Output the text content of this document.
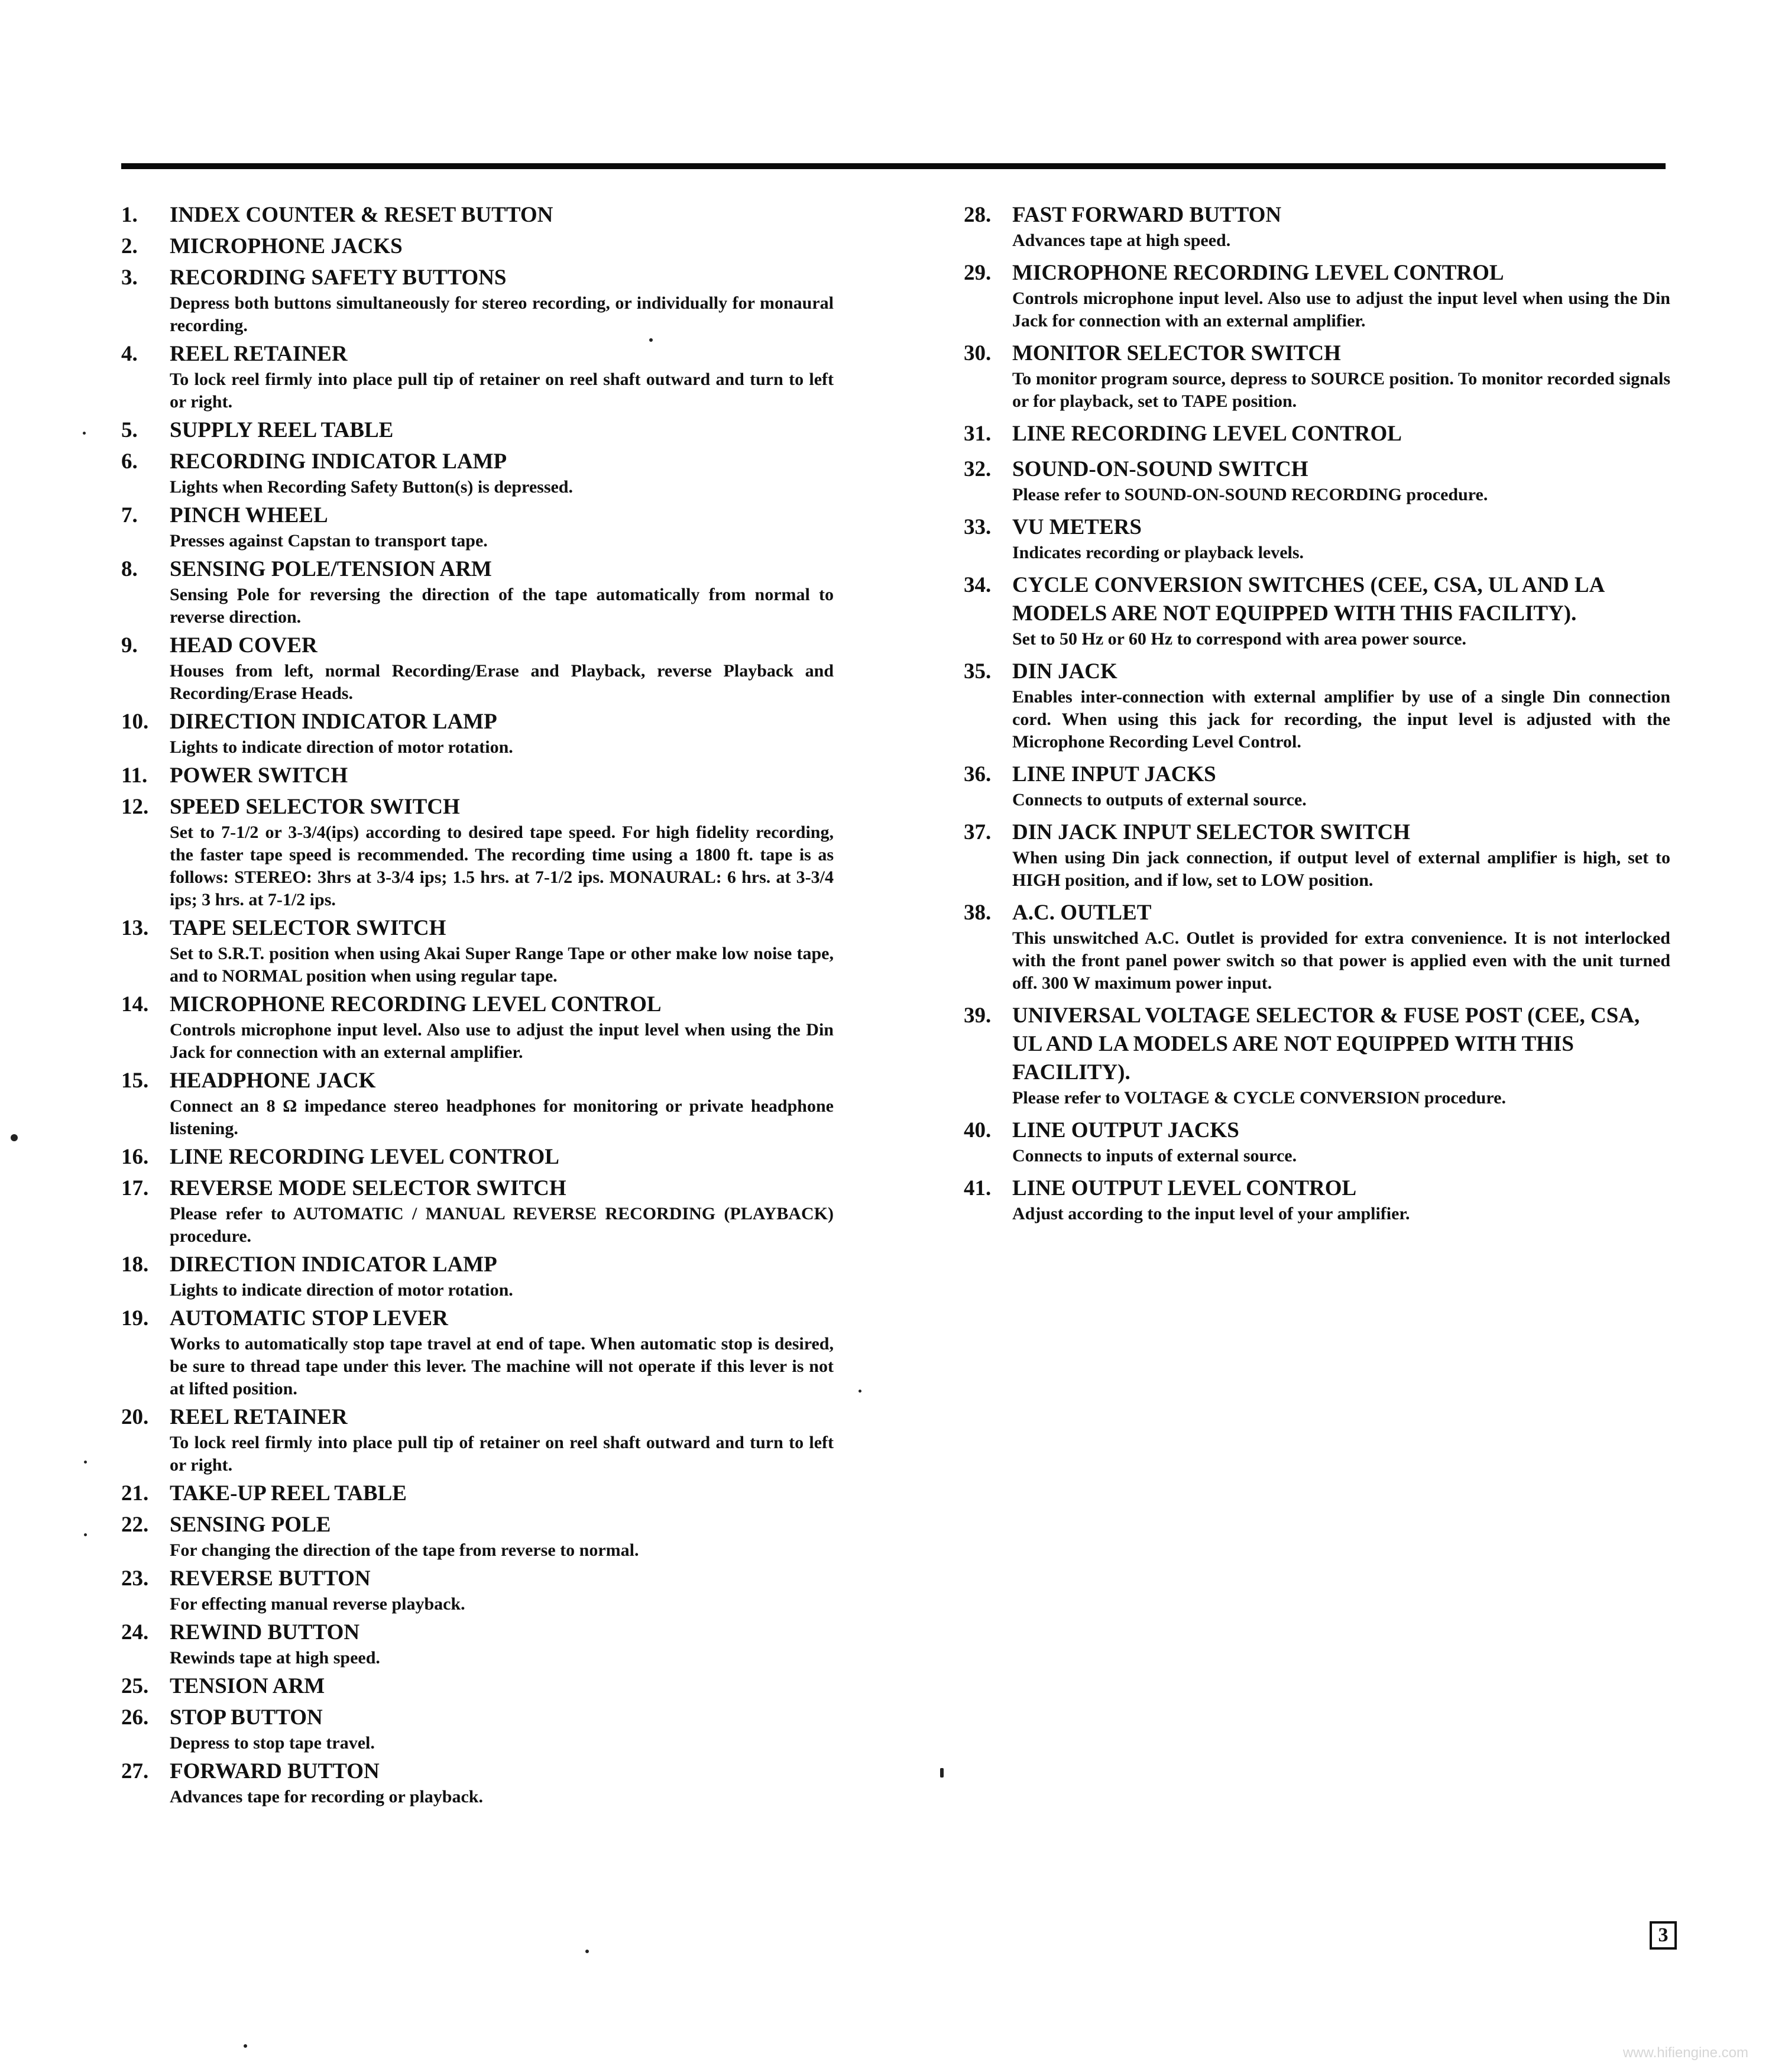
1. INDEX COUNTER & RESET BUTTON
2. MICROPHONE JACKS
3. RECORDING SAFETY BUTTONS
Depress both buttons simultaneously for stereo recording, or individually for monaural recording.
4. REEL RETAINER
To lock reel firmly into place pull tip of retainer on reel shaft outward and turn to left or right.
5. SUPPLY REEL TABLE
6. RECORDING INDICATOR LAMP
Lights when Recording Safety Button(s) is depressed.
7. PINCH WHEEL
Presses against Capstan to transport tape.
8. SENSING POLE/TENSION ARM
Sensing Pole for reversing the direction of the tape automatically from normal to reverse direction.
9. HEAD COVER
Houses from left, normal Recording/Erase and Playback, reverse Playback and Recording/Erase Heads.
10. DIRECTION INDICATOR LAMP
Lights to indicate direction of motor rotation.
11. POWER SWITCH
12. SPEED SELECTOR SWITCH
Set to 7-1/2 or 3-3/4(ips) according to desired tape speed. For high fidelity recording, the faster tape speed is recommended. The recording time using a 1800 ft. tape is as follows: STEREO: 3hrs at 3-3/4 ips; 1.5 hrs. at 7-1/2 ips. MONAURAL: 6 hrs. at 3-3/4 ips; 3 hrs. at 7-1/2 ips.
13. TAPE SELECTOR SWITCH
Set to S.R.T. position when using Akai Super Range Tape or other make low noise tape, and to NORMAL position when using regular tape.
14. MICROPHONE RECORDING LEVEL CONTROL
Controls microphone input level. Also use to adjust the input level when using the Din Jack for connection with an external amplifier.
15. HEADPHONE JACK
Connect an 8 Ω impedance stereo headphones for monitoring or private headphone listening.
16. LINE RECORDING LEVEL CONTROL
17. REVERSE MODE SELECTOR SWITCH
Please refer to AUTOMATIC / MANUAL REVERSE RECORDING (PLAYBACK) procedure.
18. DIRECTION INDICATOR LAMP
Lights to indicate direction of motor rotation.
19. AUTOMATIC STOP LEVER
Works to automatically stop tape travel at end of tape. When automatic stop is desired, be sure to thread tape under this lever. The machine will not operate if this lever is not at lifted position.
20. REEL RETAINER
To lock reel firmly into place pull tip of retainer on reel shaft outward and turn to left or right.
21. TAKE-UP REEL TABLE
22. SENSING POLE
For changing the direction of the tape from reverse to normal.
23. REVERSE BUTTON
For effecting manual reverse playback.
24. REWIND BUTTON
Rewinds tape at high speed.
25. TENSION ARM
26. STOP BUTTON
Depress to stop tape travel.
27. FORWARD BUTTON
Advances tape for recording or playback.
28. FAST FORWARD BUTTON
Advances tape at high speed.
29. MICROPHONE RECORDING LEVEL CONTROL
Controls microphone input level. Also use to adjust the input level when using the Din Jack for connection with an external amplifier.
30. MONITOR SELECTOR SWITCH
To monitor program source, depress to SOURCE position. To monitor recorded signals or for playback, set to TAPE position.
31. LINE RECORDING LEVEL CONTROL
32. SOUND-ON-SOUND SWITCH
Please refer to SOUND-ON-SOUND RECORDING procedure.
33. VU METERS
Indicates recording or playback levels.
34. CYCLE CONVERSION SWITCHES (CEE, CSA, UL AND LA MODELS ARE NOT EQUIPPED WITH THIS FACILITY).
Set to 50 Hz or 60 Hz to correspond with area power source.
35. DIN JACK
Enables inter-connection with external amplifier by use of a single Din connection cord. When using this jack for recording, the input level is adjusted with the Microphone Recording Level Control.
36. LINE INPUT JACKS
Connects to outputs of external source.
37. DIN JACK INPUT SELECTOR SWITCH
When using Din jack connection, if output level of external amplifier is high, set to HIGH position, and if low, set to LOW position.
38. A.C. OUTLET
This unswitched A.C. Outlet is provided for extra convenience. It is not interlocked with the front panel power switch so that power is applied even with the unit turned off. 300 W maximum power input.
39. UNIVERSAL VOLTAGE SELECTOR & FUSE POST (CEE, CSA, UL AND LA MODELS ARE NOT EQUIPPED WITH THIS FACILITY).
Please refer to VOLTAGE & CYCLE CONVERSION procedure.
40. LINE OUTPUT JACKS
Connects to inputs of external source.
41. LINE OUTPUT LEVEL CONTROL
Adjust according to the input level of your amplifier.
3
www.hifiengine.com
